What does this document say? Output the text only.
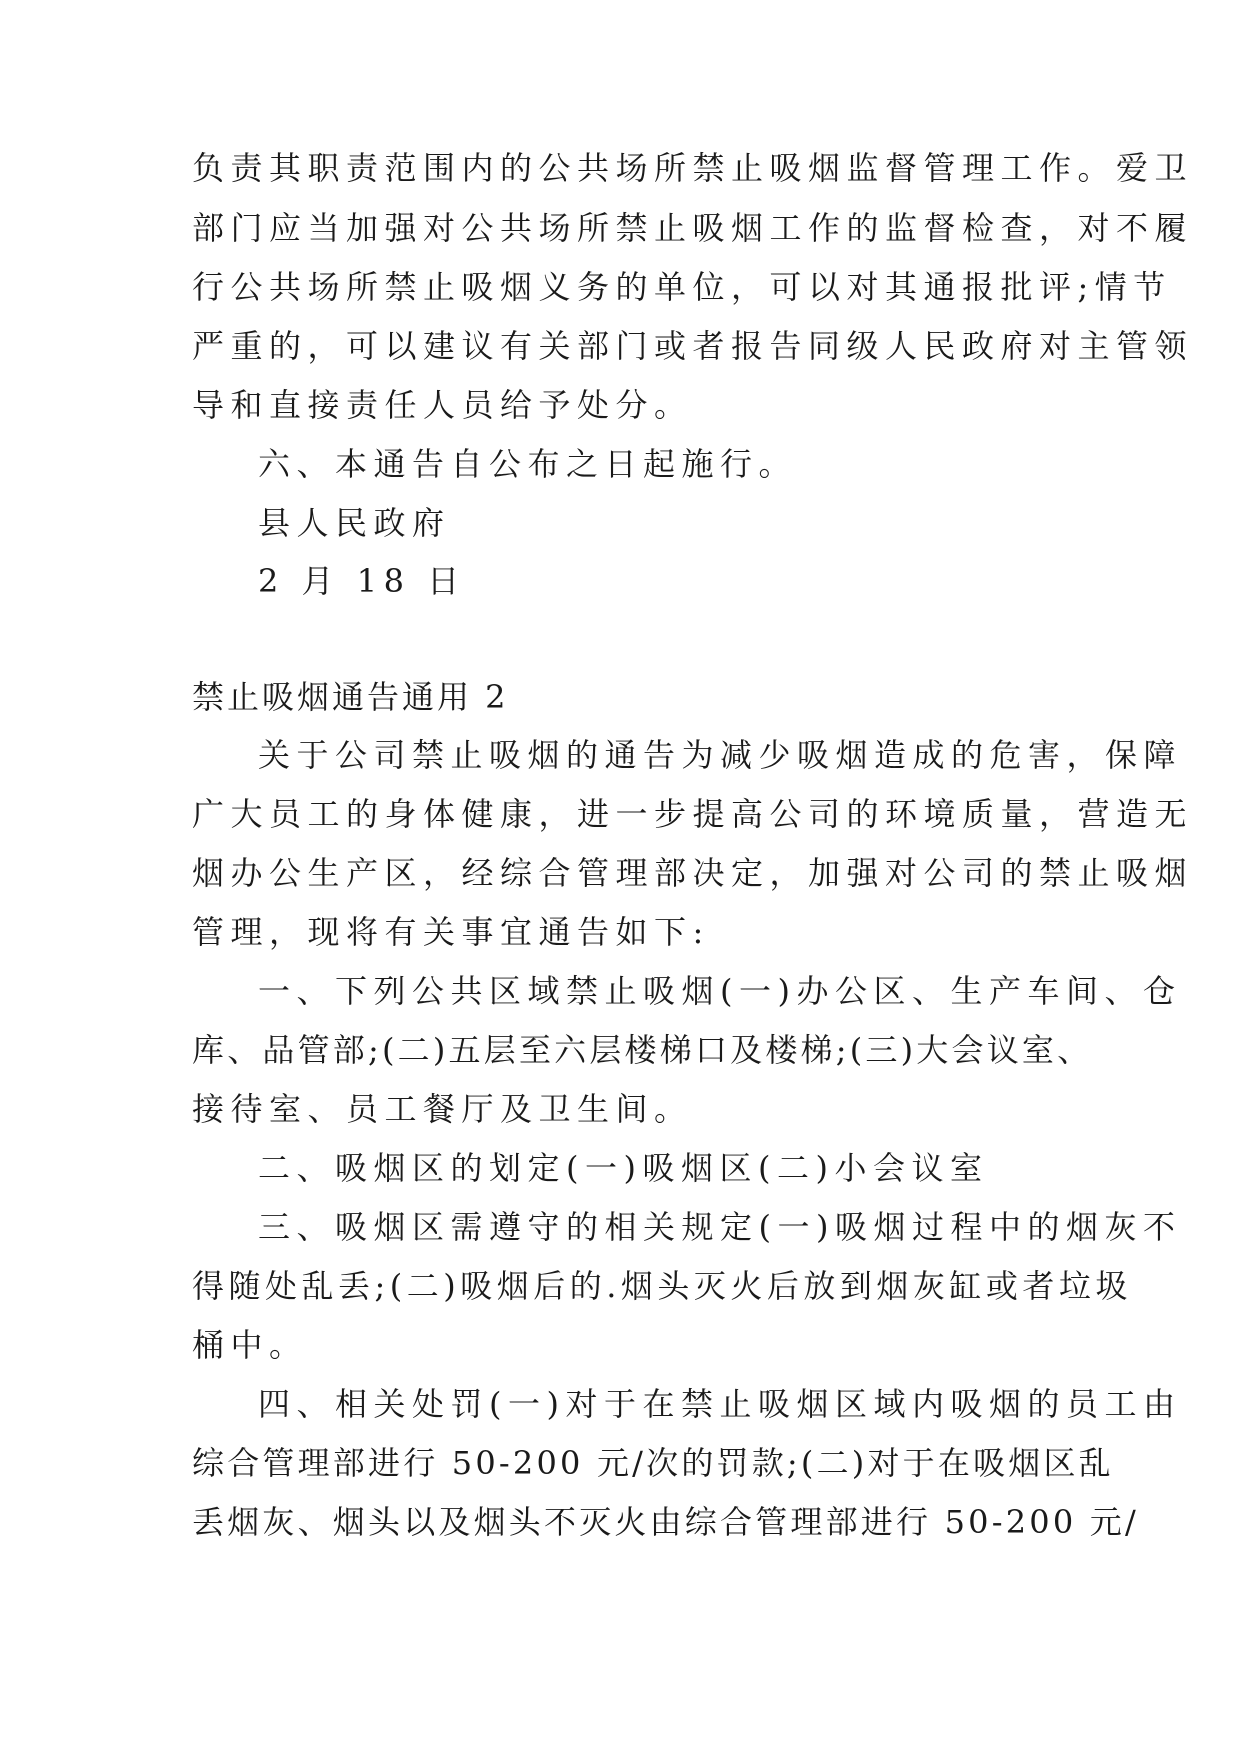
负责其职责范围内的公共场所禁止吸烟监督管理工作。爱卫
部门应当加强对公共场所禁止吸烟工作的监督检查，对不履
行公共场所禁止吸烟义务的单位，可以对其通报批评;情节
严重的，可以建议有关部门或者报告同级人民政府对主管领
导和直接责任人员给予处分。
六、本通告自公布之日起施行。
县人民政府
2 月 18 日
禁止吸烟通告通用 2
关于公司禁止吸烟的通告为减少吸烟造成的危害，保障
广大员工的身体健康，进一步提高公司的环境质量，营造无
烟办公生产区，经综合管理部决定，加强对公司的禁止吸烟
管理，现将有关事宜通告如下:
一、下列公共区域禁止吸烟(一)办公区、生产车间、仓
库、品管部;(二)五层至六层楼梯口及楼梯;(三)大会议室、
接待室、员工餐厅及卫生间。
二、吸烟区的划定(一)吸烟区(二)小会议室
三、吸烟区需遵守的相关规定(一)吸烟过程中的烟灰不
得随处乱丢;(二)吸烟后的.烟头灭火后放到烟灰缸或者垃圾
桶中。
四、相关处罚(一)对于在禁止吸烟区域内吸烟的员工由
综合管理部进行 50-200 元/次的罚款;(二)对于在吸烟区乱
丢烟灰、烟头以及烟头不灭火由综合管理部进行 50-200 元/
